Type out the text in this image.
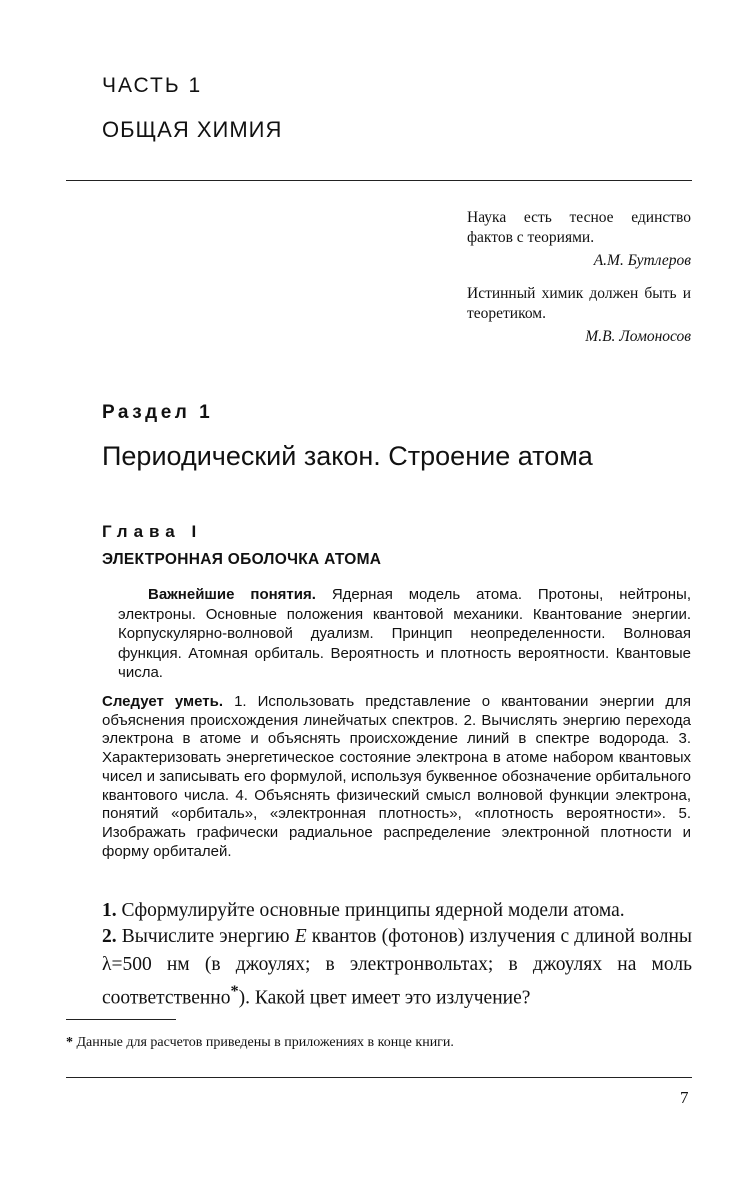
ЧАСТЬ 1
ОБЩАЯ ХИМИЯ
Наука есть тесное единство фактов с теориями.
А.М. Бутлеров
Истинный химик должен быть и теоретиком.
М.В. Ломоносов
Раздел 1
Периодический закон. Строение атома
Глава I
ЭЛЕКТРОННАЯ ОБОЛОЧКА АТОМА

Важнейшие понятия. Ядерная модель атома. Протоны, нейтроны, электроны. Основные положения квантовой механики. Квантование энергии. Корпускулярно-волновой дуализм. Принцип неопределенности. Волновая функция. Атомная орбиталь. Вероятность и плотность вероятности. Квантовые числа.

Следует уметь. 1. Использовать представление о квантовании энергии для объяснения происхождения линейчатых спектров. 2. Вычислять энергию перехода электрона в атоме и объяснять происхождение линий в спектре водорода. 3. Характеризовать энергетическое состояние электрона в атоме набором квантовых чисел и записывать его формулой, используя буквенное обозначение орбитального квантового числа. 4. Объяснять физический смысл волновой функции электрона, понятий «орбиталь», «электронная плотность», «плотность вероятности». 5. Изображать графически радиальное распределение электронной плотности и форму орбиталей.

1. Сформулируйте основные принципы ядерной модели атома.

2. Вычислите энергию E квантов (фотонов) излучения с длиной волны λ=500 нм (в джоулях; в электронвольтах; в джоулях на моль соответственно*). Какой цвет имеет это излучение?

* Данные для расчетов приведены в приложениях в конце книги.
7
